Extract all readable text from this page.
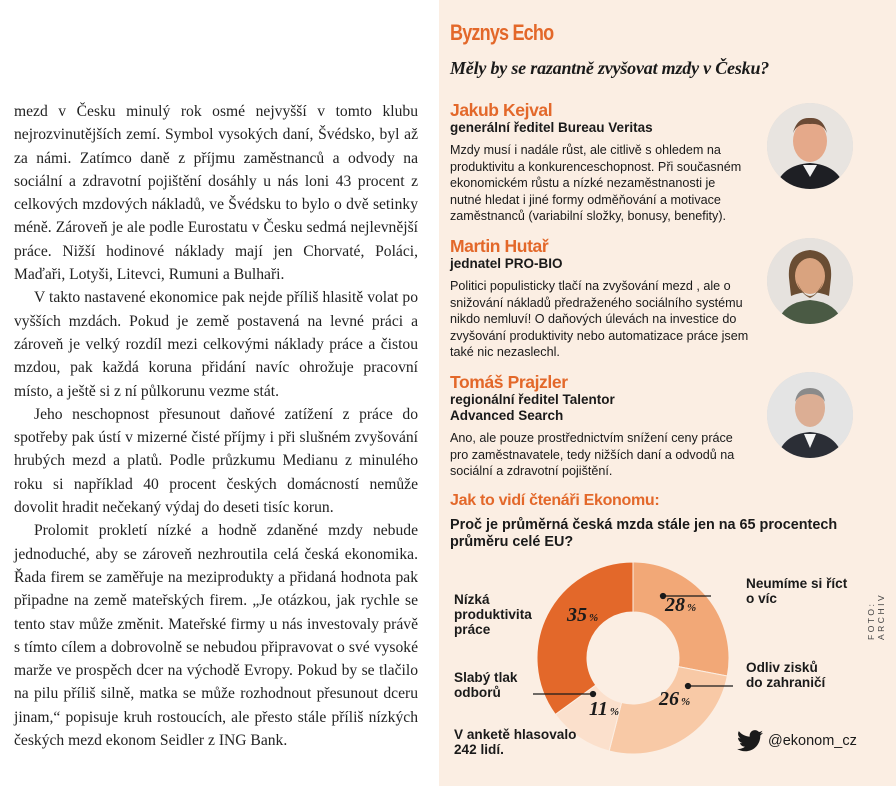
mezd v Česku minulý rok osmé nejvyšší v tomto klubu nejrozvinutějších zemí. Symbol vysokých daní, Švédsko, byl až za námi. Zatímco daně z příjmu zaměstnanců a odvody na sociální a zdravotní pojištění dosáhly u nás loni 43 procent z celkových mzdových nákladů, ve Švédsku to bylo o dvě setinky méně. Zároveň je ale podle Eurostatu v Česku sedmá nejlevnější práce. Nižší hodinové náklady mají jen Chorvaté, Poláci, Maďaři, Lotyši, Litevci, Rumuni a Bulhaři.

V takto nastavené ekonomice pak nejde příliš hlasitě volat po vyšších mzdách. Pokud je země postavená na levné práci a zároveň je velký rozdíl mezi celkovými náklady práce a čistou mzdou, pak každá koruna přidání navíc ohrožuje pracovní místo, a ještě si z ní půlkorunu vezme stát.

Jeho neschopnost přesunout daňové zatížení z práce do spotřeby pak ústí v mizerné čisté příjmy i při slušném zvyšování hrubých mezd a platů. Podle průzkumu Medianu z minulého roku si například 40 procent českých domácností nemůže dovolit hradit nečekaný výdaj do deseti tisíc korun.

Prolomit prokletí nízké a hodně zdaněné mzdy nebude jednoduché, aby se zároveň nezhroutila celá česká ekonomika. Řada firem se zaměřuje na meziprodukty a přidaná hodnota pak připadne na země mateřských firem. „Je otázkou, jak rychle se tento stav může změnit. Mateřské firmy u nás investovaly právě s tímto cílem a dobrovolně se nebudou připravovat o své vysoké marže ve prospěch dcer na východě Evropy. Pokud by se tlačilo na pilu příliš silně, matka se může rozhodnout přesunout dceru jinam,“ popisuje kruh rostoucích, ale přesto stále příliš nízkých českých mezd ekonom Seidler z ING Bank.

Byznys Echo
Měly by se razantně zvyšovat mzdy v Česku?
Jakub Kejval
generální ředitel Bureau Veritas
Mzdy musí i nadále růst, ale citlivě s ohledem na produktivitu a konkurenceschopnost. Při současném ekonomickém růstu a nízké nezaměstnanosti je nutné hledat i jiné formy odměňování a motivace zaměstnanců (variabilní složky, bonusy, benefity).
Martin Hutař
jednatel PRO-BIO
Politici populisticky tlačí na zvyšování mezd , ale o snižování nákladů předraženého sociálního systému nikdo nemluví! O daňových úlevách na investice do zvyšování produktivity nebo automatizace práce jsem také nic nezaslechl.
Tomáš Prajzler
regionální ředitel Talentor Advanced Search
Ano, ale pouze prostřednictvím snížení ceny práce pro zaměstnavatele, tedy nižších daní a odvodů na sociální a zdravotní pojištění.
Jak to vidí čtenáři Ekonomu:
Proč je průměrná česká mzda stále jen na 65 procentech průměru celé EU?
Nízká produktivita práce
Neumíme si říct o víc
Odliv zisků do zahraničí
Slabý tlak odborů
35 %
28 %
26 %
11 %
V anketě hlasovalo 242 lidí.
@ekonom_cz
FOTO: ARCHIV
